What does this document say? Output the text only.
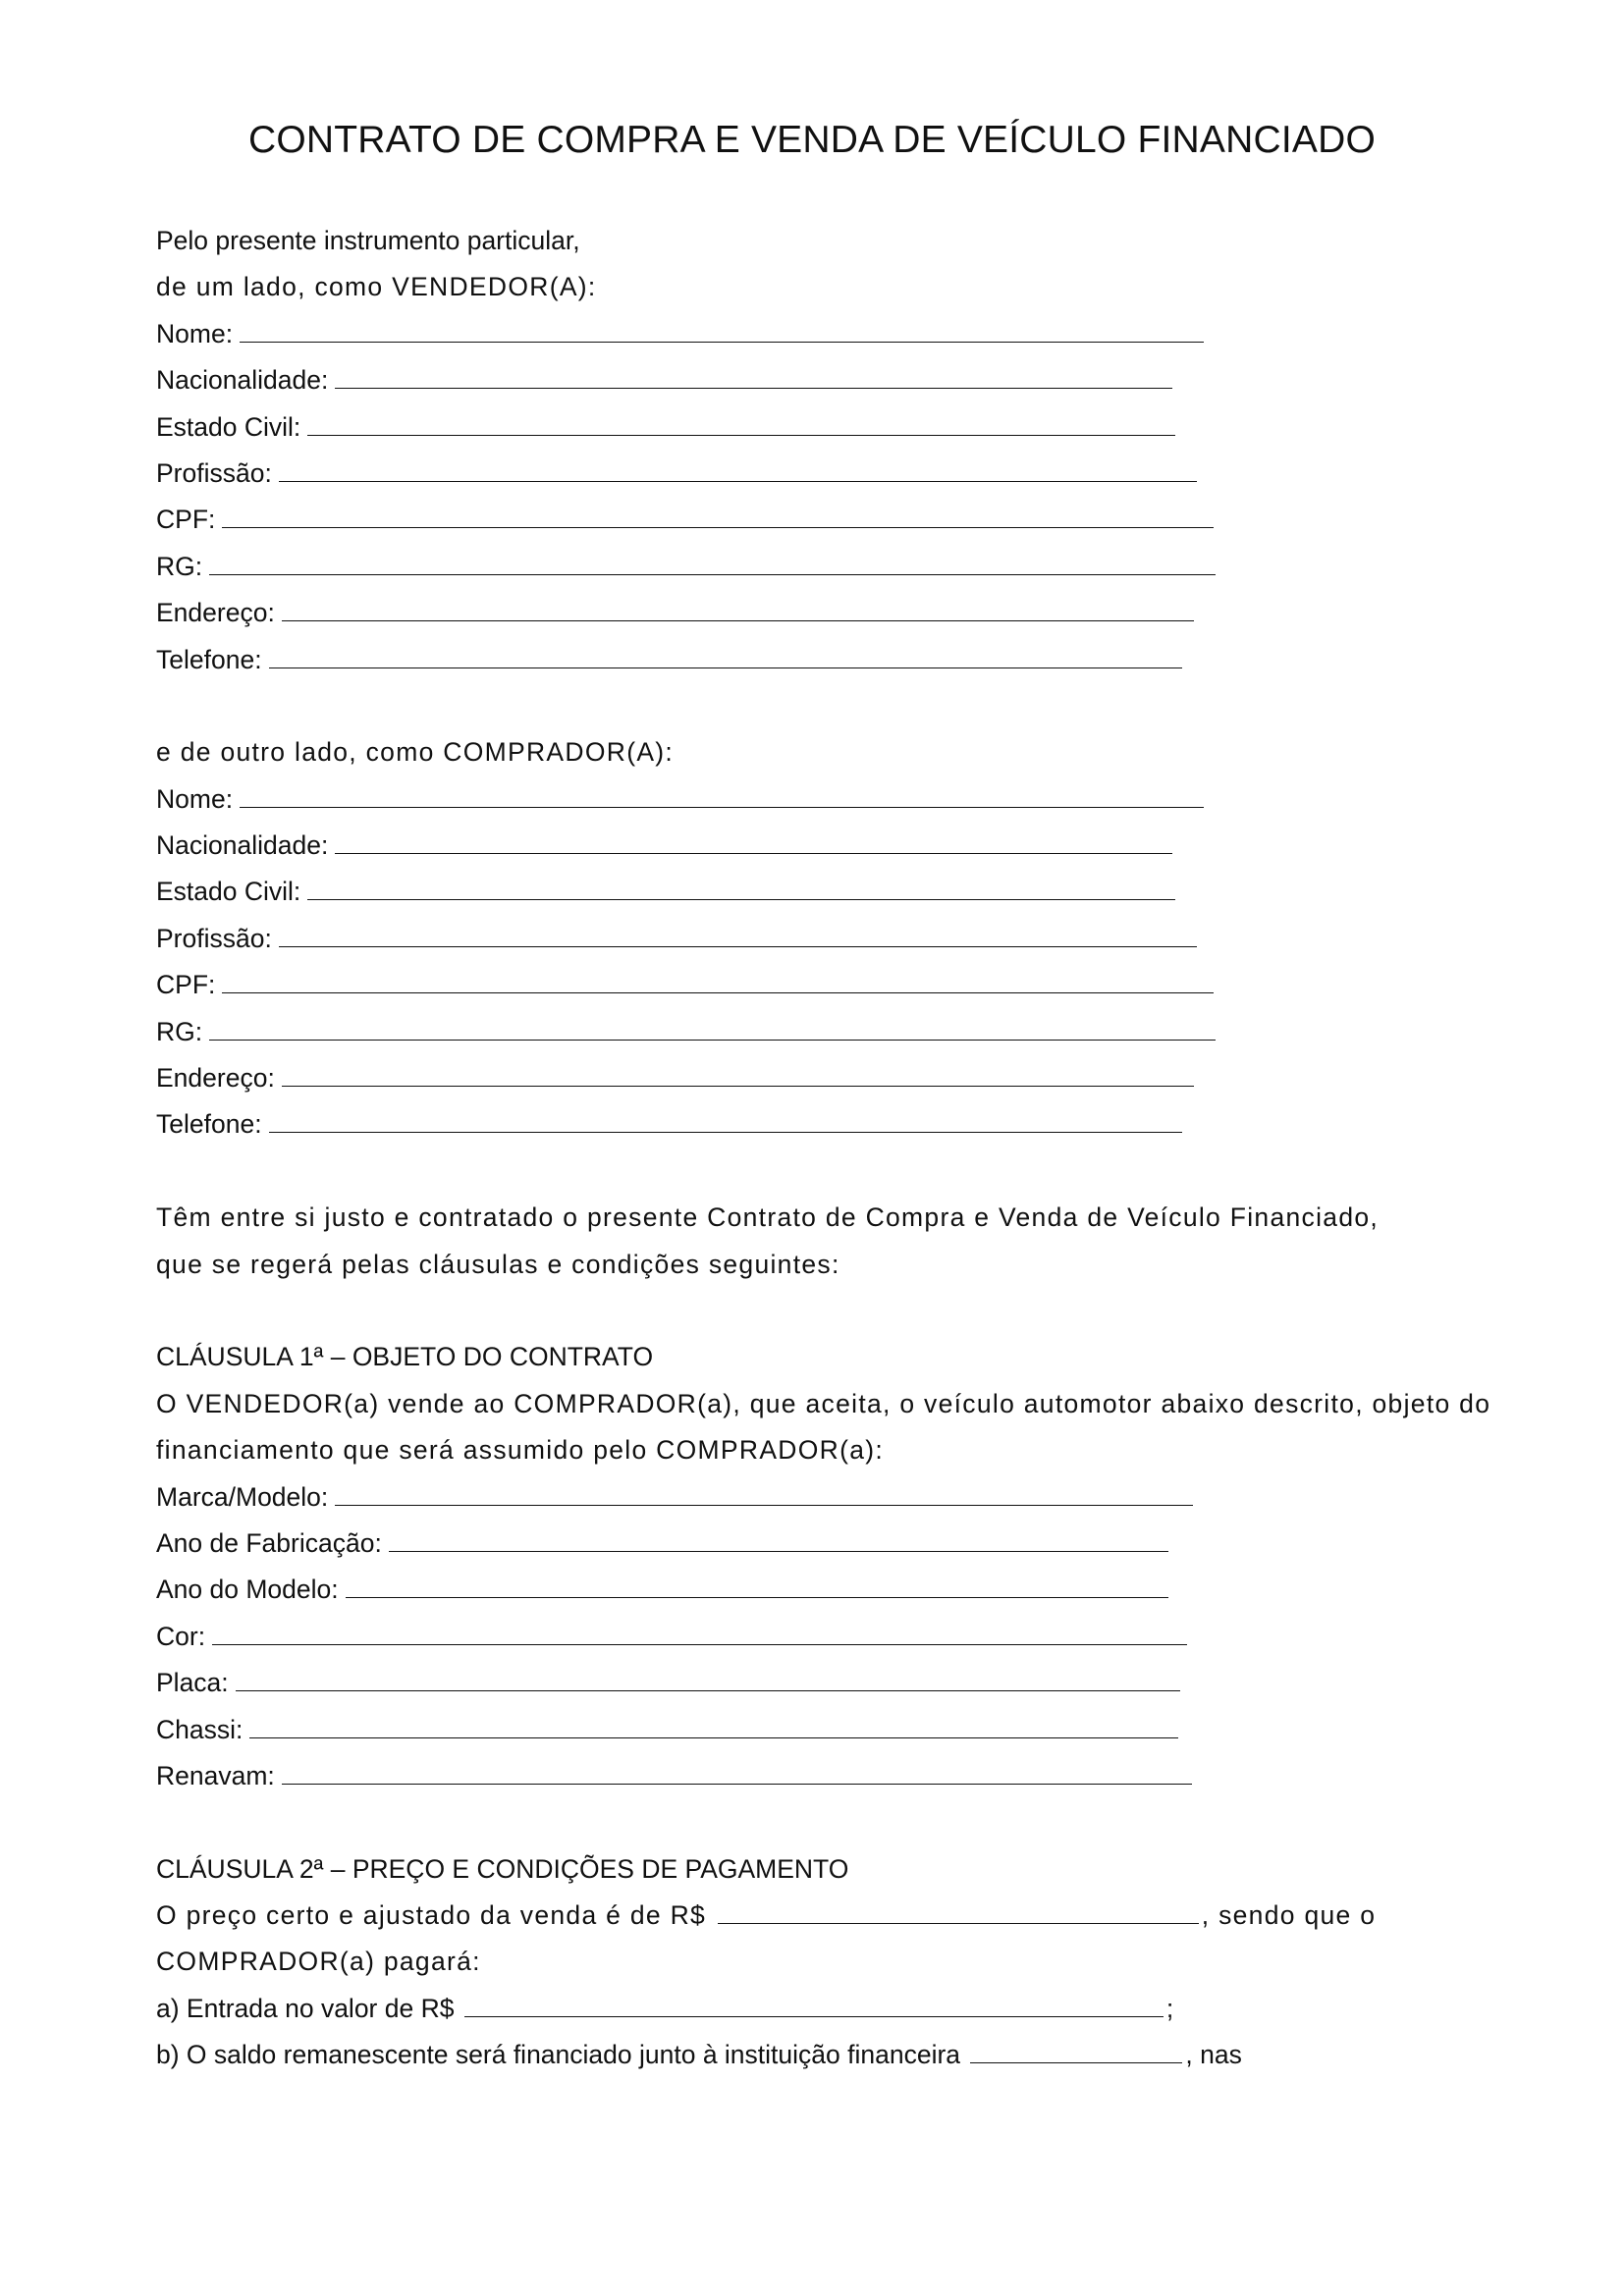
CONTRATO DE COMPRA E VENDA DE VEÍCULO FINANCIADO
Pelo presente instrumento particular,
de um lado, como VENDEDOR(A):
Nome:
Nacionalidade:
Estado Civil:
Profissão:
CPF:
RG:
Endereço:
Telefone:
e de outro lado, como COMPRADOR(A):
Nome:
Nacionalidade:
Estado Civil:
Profissão:
CPF:
RG:
Endereço:
Telefone:
Têm entre si justo e contratado o presente Contrato de Compra e Venda de Veículo Financiado,
que se regerá pelas cláusulas e condições seguintes:
CLÁUSULA 1ª – OBJETO DO CONTRATO
O VENDEDOR(a) vende ao COMPRADOR(a), que aceita, o veículo automotor abaixo descrito, objeto do
financiamento que será assumido pelo COMPRADOR(a):
Marca/Modelo:
Ano de Fabricação:
Ano do Modelo:
Cor:
Placa:
Chassi:
Renavam:
CLÁUSULA 2ª – PREÇO E CONDIÇÕES DE PAGAMENTO
O preço certo e ajustado da venda é de R$	, sendo que o
COMPRADOR(a) pagará:
a) Entrada no valor de R$	;
b) O saldo remanescente será financiado junto à instituição financeira	, nas
